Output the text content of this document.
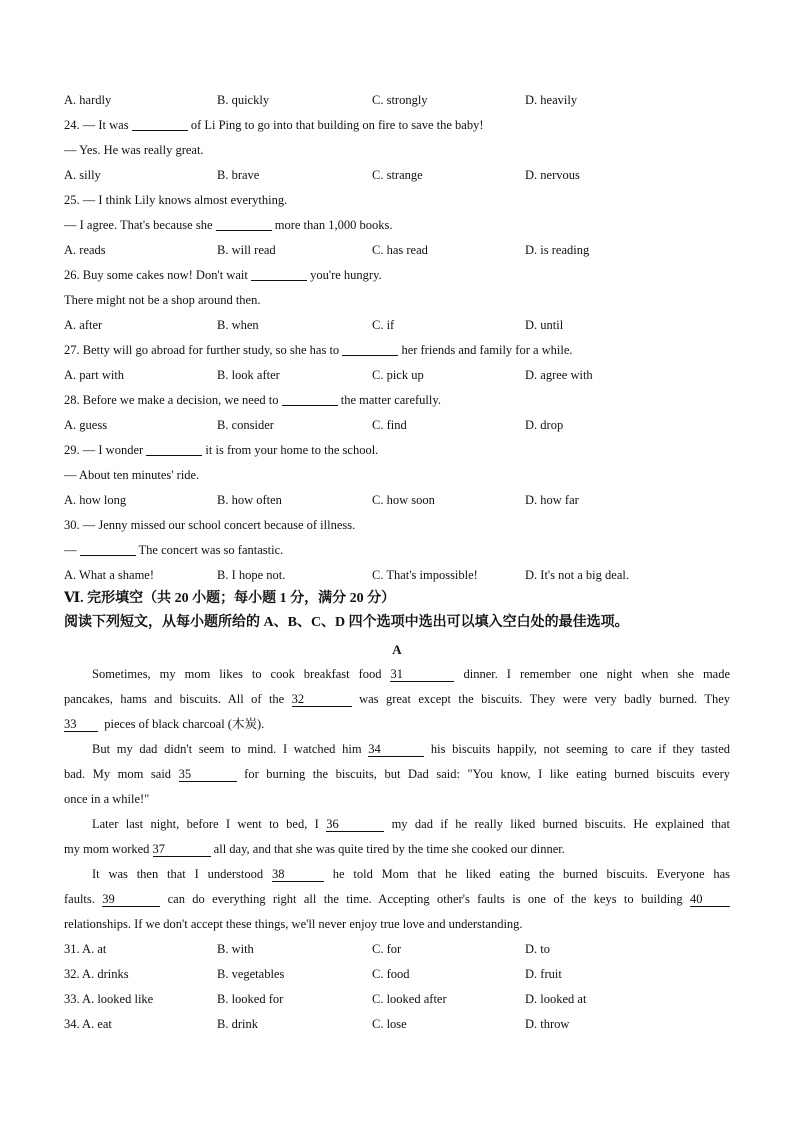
A. hardly	B. quickly	C. strongly	D. heavily
24. — It was	of Li Ping to go into that building on fire to save the baby!
— Yes. He was really great.
A. silly	B. brave	C. strange	D. nervous
25. — I think Lily knows almost everything.
— I agree. That's because she	more than 1,000 books.
A. reads	B. will read	C. has read	D. is reading
26. Buy some cakes now! Don't wait	you're hungry.
There might not be a shop around then.
A. after	B. when	C. if	D. until
27. Betty will go abroad for further study, so she has to	her friends and family for a while.
A. part with	B. look after	C. pick up	D. agree with
28. Before we make a decision, we need to	the matter carefully.
A. guess	B. consider	C. find	D. drop
29. — I wonder	it is from your home to the school.
— About ten minutes' ride.
A. how long	B. how often	C. how soon	D. how far
30. — Jenny missed our school concert because of illness.
—	The concert was so fantastic.
A. What a shame!	B. I hope not.	C. That's impossible!	D. It's not a big deal.
Ⅵ. 完形填空（共 20 小题；每小题 1 分，满分 20 分）
阅读下列短文，从每小题所给的 A、B、C、D 四个选项中选出可以填入空白处的最佳选项。
A
Sometimes, my mom likes to cook breakfast food 31	dinner. I remember one night when she made
pancakes, hams and biscuits. All of the 32	was great except the biscuits. They were very badly burned. They
33 pieces of black charcoal (木炭).
But my dad didn't seem to mind. I watched him 34	his biscuits happily, not seeming to care if they tasted
bad. My mom said 35	for burning the biscuits, but Dad said: "You know, I like eating burned biscuits every
once in a while!"
Later last night, before I went to bed, I 36	my dad if he really liked burned biscuits. He explained that
my mom worked 37	all day, and that she was quite tired by the time she cooked our dinner.
It was then that I understood 38	he told Mom that he liked eating the burned biscuits. Everyone has
faults. 39	can do everything right all the time. Accepting other's faults is one of the keys to building 40
relationships. If we don't accept these things, we'll never enjoy true love and understanding.
31. A. at	B. with	C. for	D. to
32. A. drinks	B. vegetables	C. food	D. fruit
33. A. looked like	B. looked for	C. looked after	D. looked at
34. A. eat	B. drink	C. lose	D. throw
